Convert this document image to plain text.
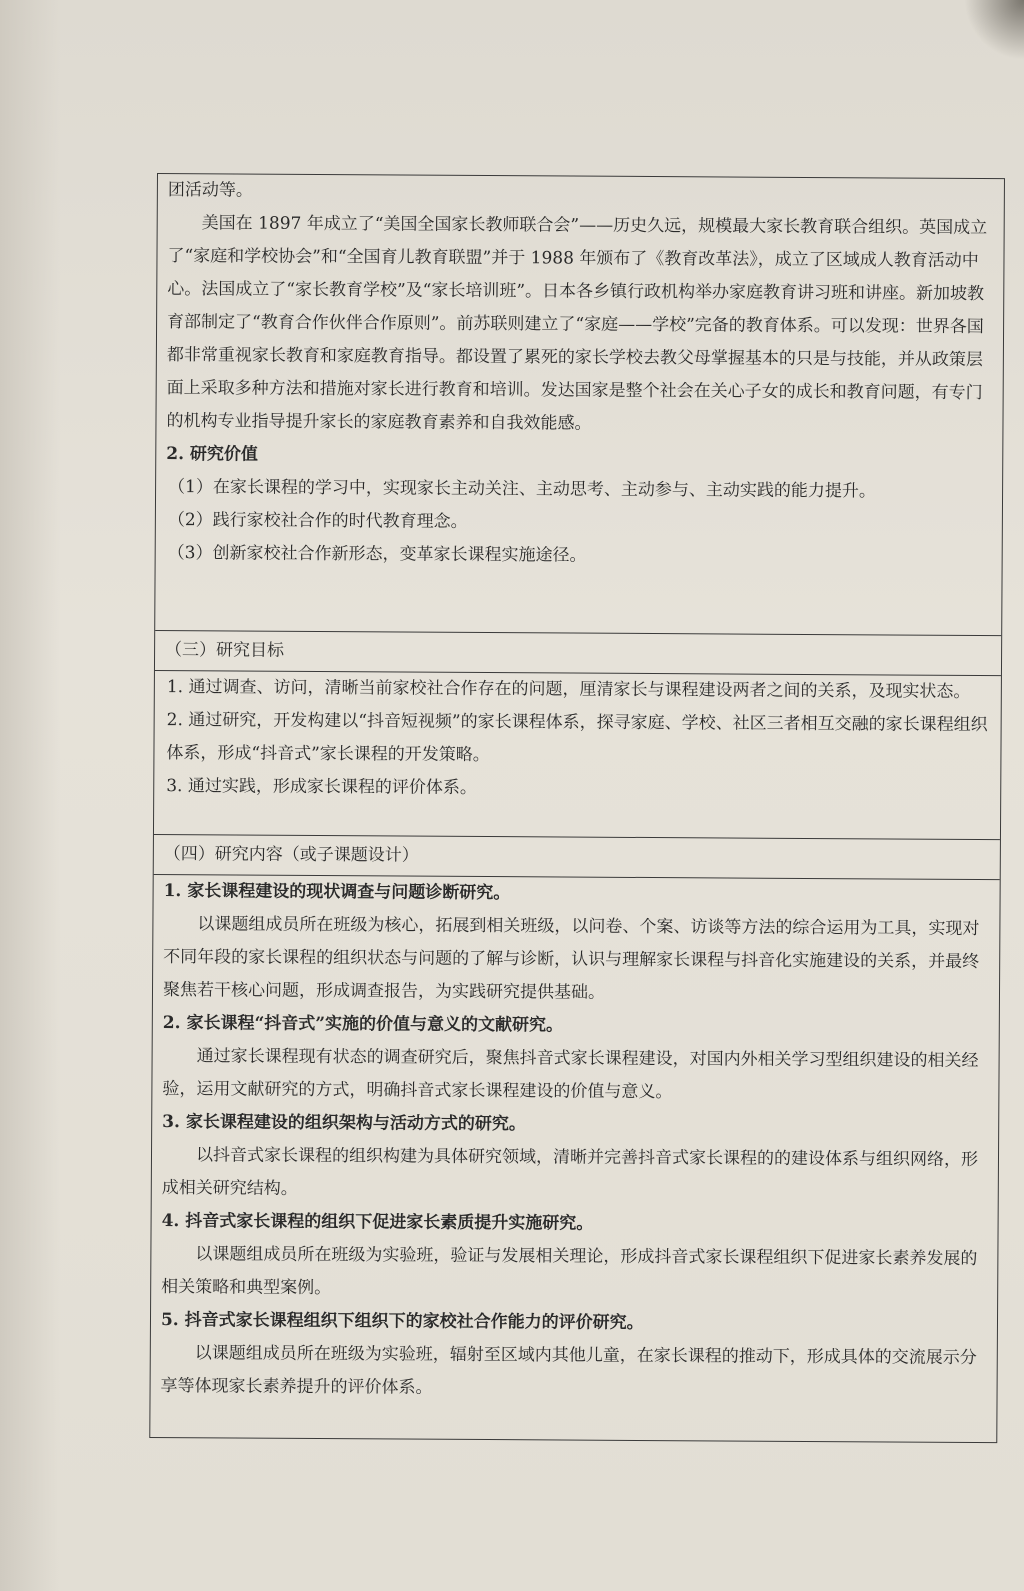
团活动等。

美国在 1897 年成立了“美国全国家长教师联合会”——历史久远，规模最大家长教育联合组织。英国成立了“家庭和学校协会”和“全国育儿教育联盟”并于 1988 年颁布了《教育改革法》，成立了区域成人教育活动中心。法国成立了“家长教育学校”及“家长培训班”。日本各乡镇行政机构举办家庭教育讲习班和讲座。新加坡教育部制定了“教育合作伙伴合作原则”。前苏联则建立了“家庭——学校”完备的教育体系。可以发现：世界各国都非常重视家长教育和家庭教育指导。都设置了累死的家长学校去教父母掌握基本的只是与技能，并从政策层面上采取多种方法和措施对家长进行教育和培训。发达国家是整个社会在关心子女的成长和教育问题，有专门的机构专业指导提升家长的家庭教育素养和自我效能感。

2. 研究价值

（1）在家长课程的学习中，实现家长主动关注、主动思考、主动参与、主动实践的能力提升。

（2）践行家校社合作的时代教育理念。

（3）创新家校社合作新形态，变革家长课程实施途径。

（三）研究目标

1. 通过调查、访问，清晰当前家校社合作存在的问题，厘清家长与课程建设两者之间的关系，及现实状态。

2. 通过研究，开发构建以“抖音短视频”的家长课程体系，探寻家庭、学校、社区三者相互交融的家长课程组织体系，形成“抖音式”家长课程的开发策略。

3. 通过实践，形成家长课程的评价体系。

（四）研究内容（或子课题设计）

1. 家长课程建设的现状调查与问题诊断研究。

以课题组成员所在班级为核心，拓展到相关班级，以问卷、个案、访谈等方法的综合运用为工具，实现对不同年段的家长课程的组织状态与问题的了解与诊断，认识与理解家长课程与抖音化实施建设的关系，并最终聚焦若干核心问题，形成调查报告，为实践研究提供基础。

2. 家长课程“抖音式”实施的价值与意义的文献研究。

通过家长课程现有状态的调查研究后，聚焦抖音式家长课程建设，对国内外相关学习型组织建设的相关经验，运用文献研究的方式，明确抖音式家长课程建设的价值与意义。

3. 家长课程建设的组织架构与活动方式的研究。

以抖音式家长课程的组织构建为具体研究领域，清晰并完善抖音式家长课程的的建设体系与组织网络，形成相关研究结构。

4. 抖音式家长课程的组织下促进家长素质提升实施研究。

以课题组成员所在班级为实验班，验证与发展相关理论，形成抖音式家长课程组织下促进家长素养发展的相关策略和典型案例。

5. 抖音式家长课程组织下组织下的家校社合作能力的评价研究。

以课题组成员所在班级为实验班，辐射至区域内其他儿童，在家长课程的推动下，形成具体的交流展示分享等体现家长素养提升的评价体系。
